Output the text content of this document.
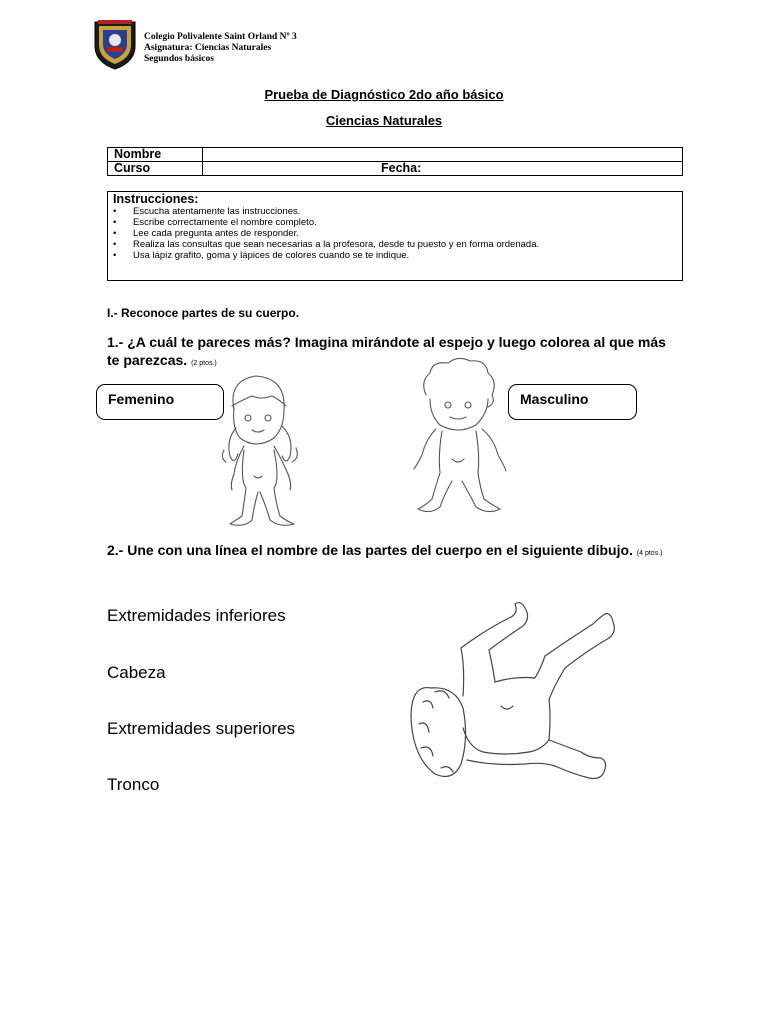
Colegio Polivalente Saint Orland Nº 3
Asignatura: Ciencias Naturales
Segundos básicos
Prueba de Diagnóstico 2do año básico
Ciencias Naturales
Nombre	
Curso	Fecha:
Instrucciones:
• Escucha atentamente las instrucciones.
• Escribe correctamente el nombre completo.
• Lee cada pregunta antes de responder.
• Realiza las consultas que sean necesarias a la profesora, desde tu puesto y en forma ordenada.
• Usa lápiz grafito, goma y lápices de colores cuando se te indique.
I.- Reconoce partes de su cuerpo.
1.- ¿A cuál te pareces más? Imagina mirándote al espejo y luego colorea al que más te parezcas. (2 ptos.)
Femenino	Masculino
2.- Une con una línea el nombre de las partes del cuerpo en el siguiente dibujo. (4 ptos.)
Extremidades inferiores
Cabeza
Extremidades superiores
Tronco
